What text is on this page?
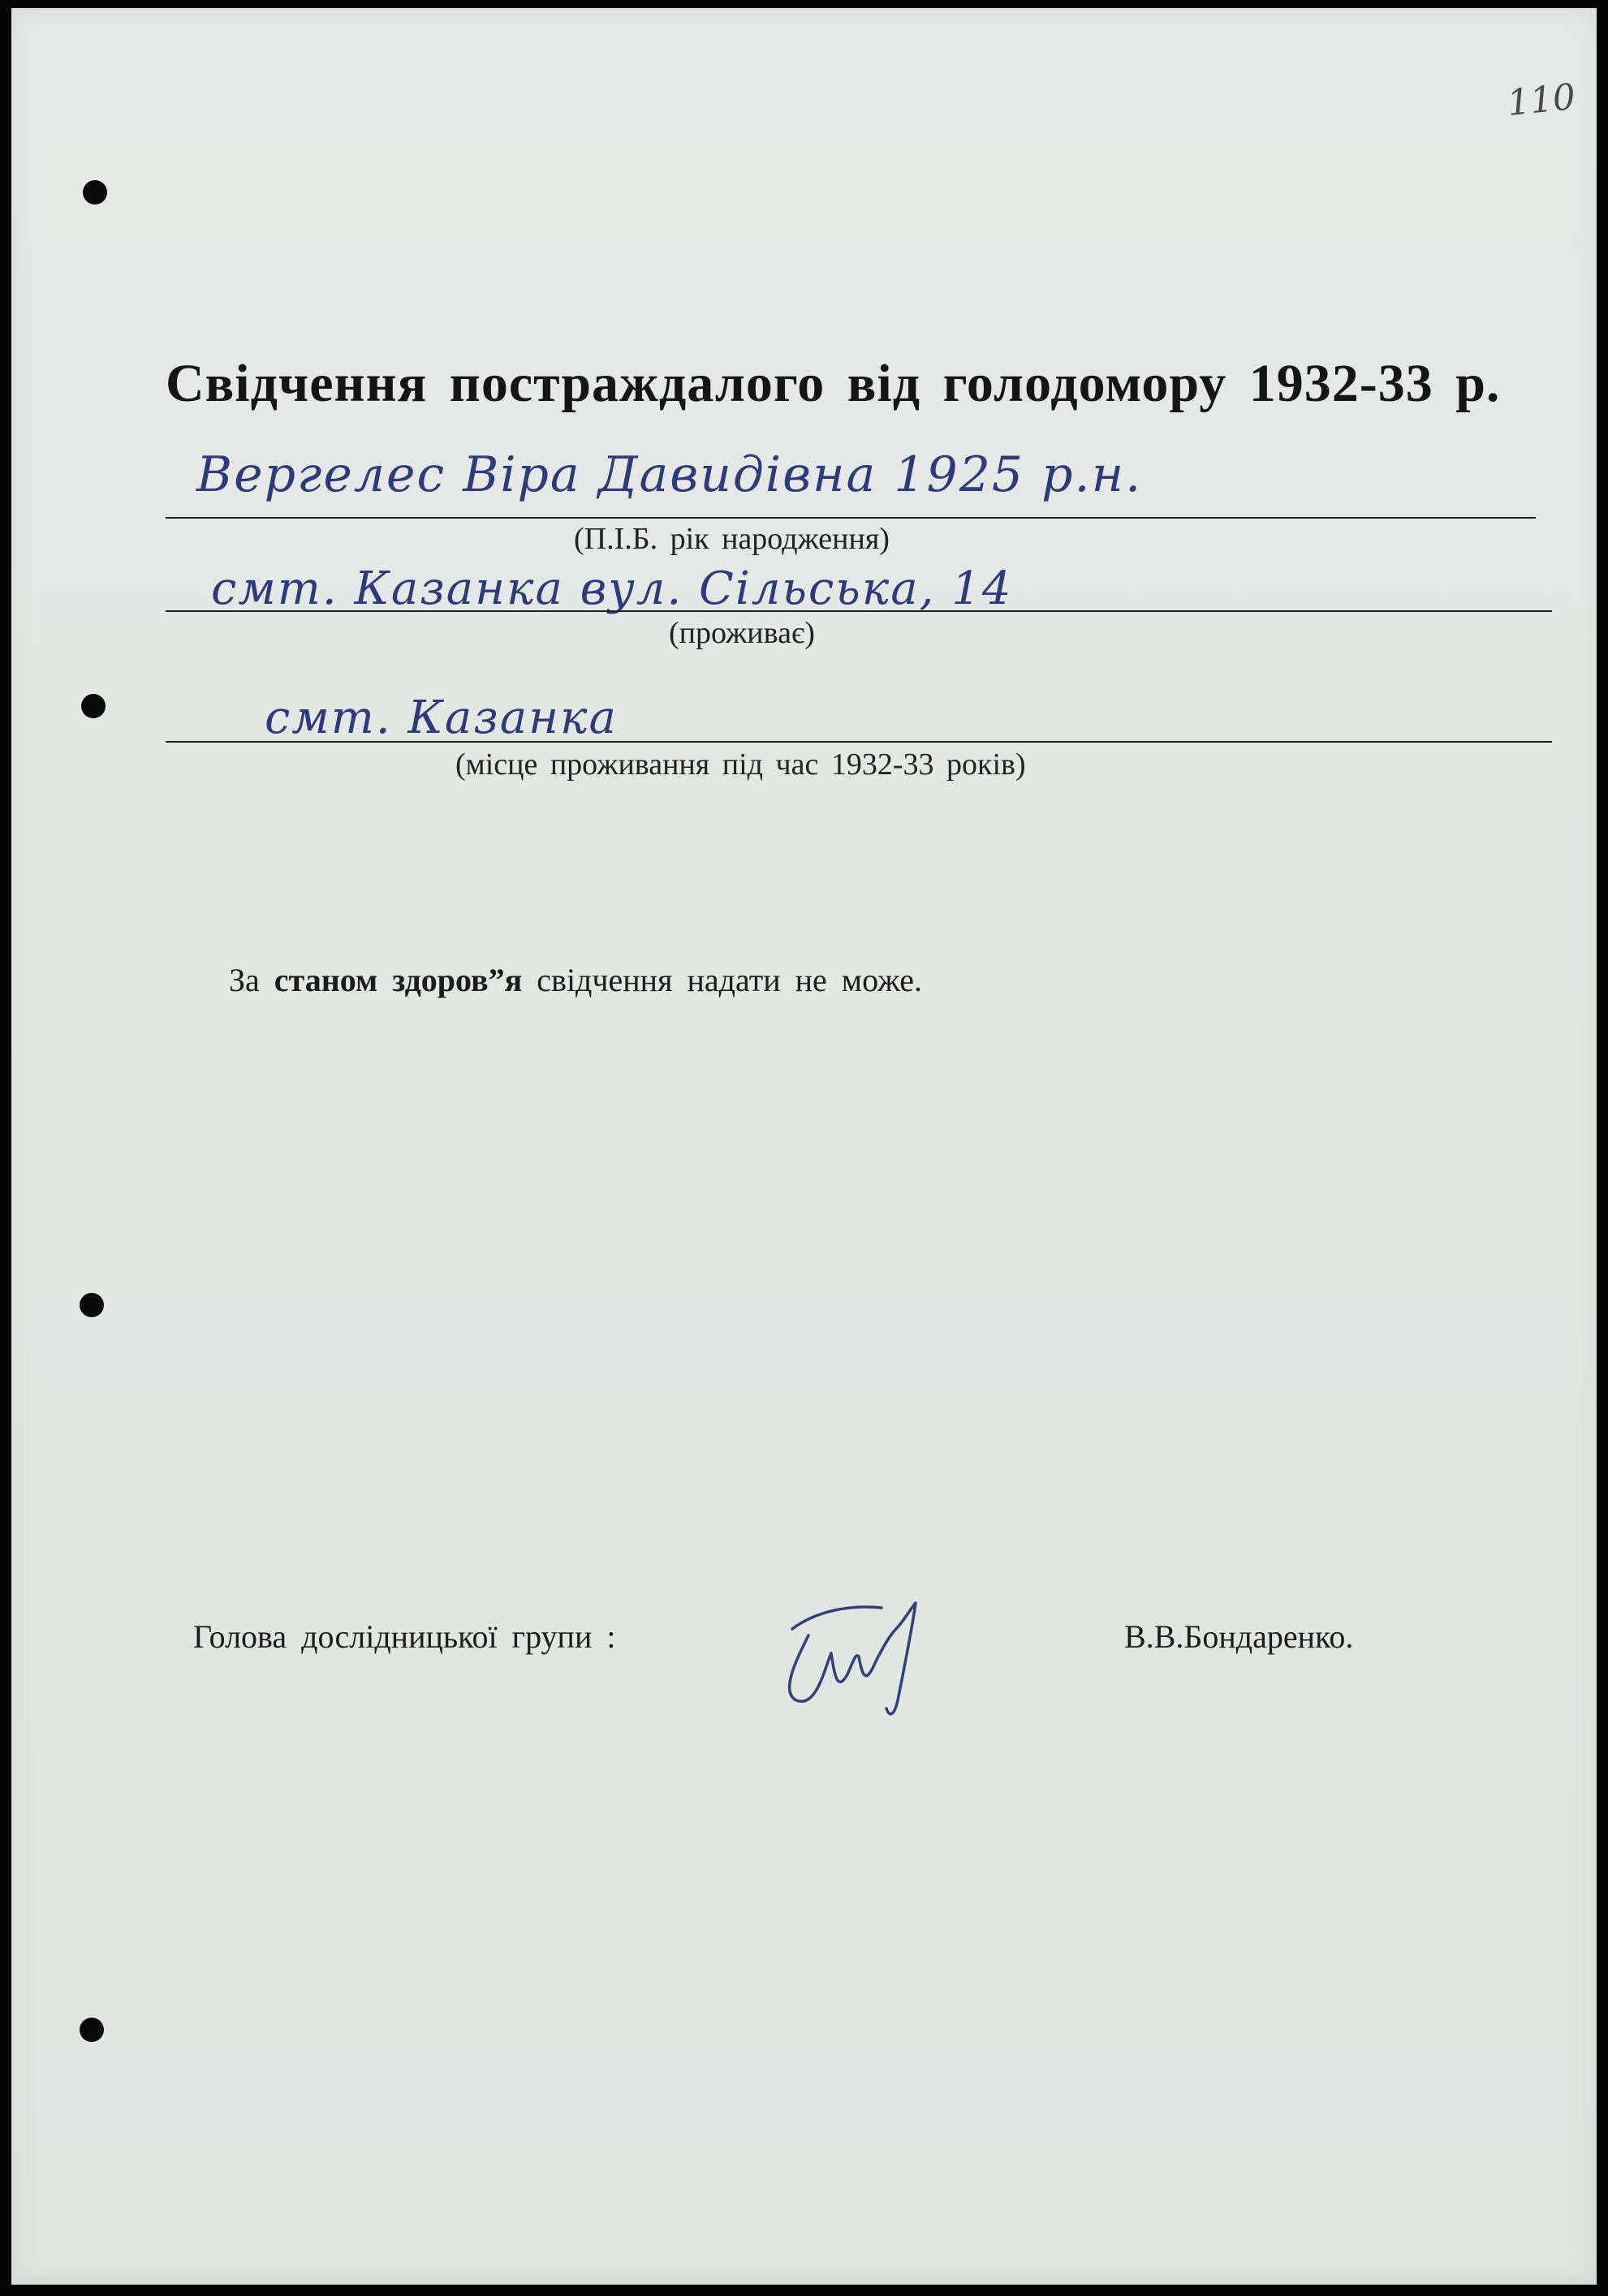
110
Свідчення постраждалого від голодомору 1932-33 р.
Вергелес Віра Давидівна 1925 р.н.
(П.І.Б. рік народження)
смт. Казанка вул. Сільська, 14
(проживає)
смт. Казанка
(місце проживання під час 1932-33 років)
За станом здоров”я свідчення надати не може.
Голова дослідницької групи :	В.В.Бондаренко.
